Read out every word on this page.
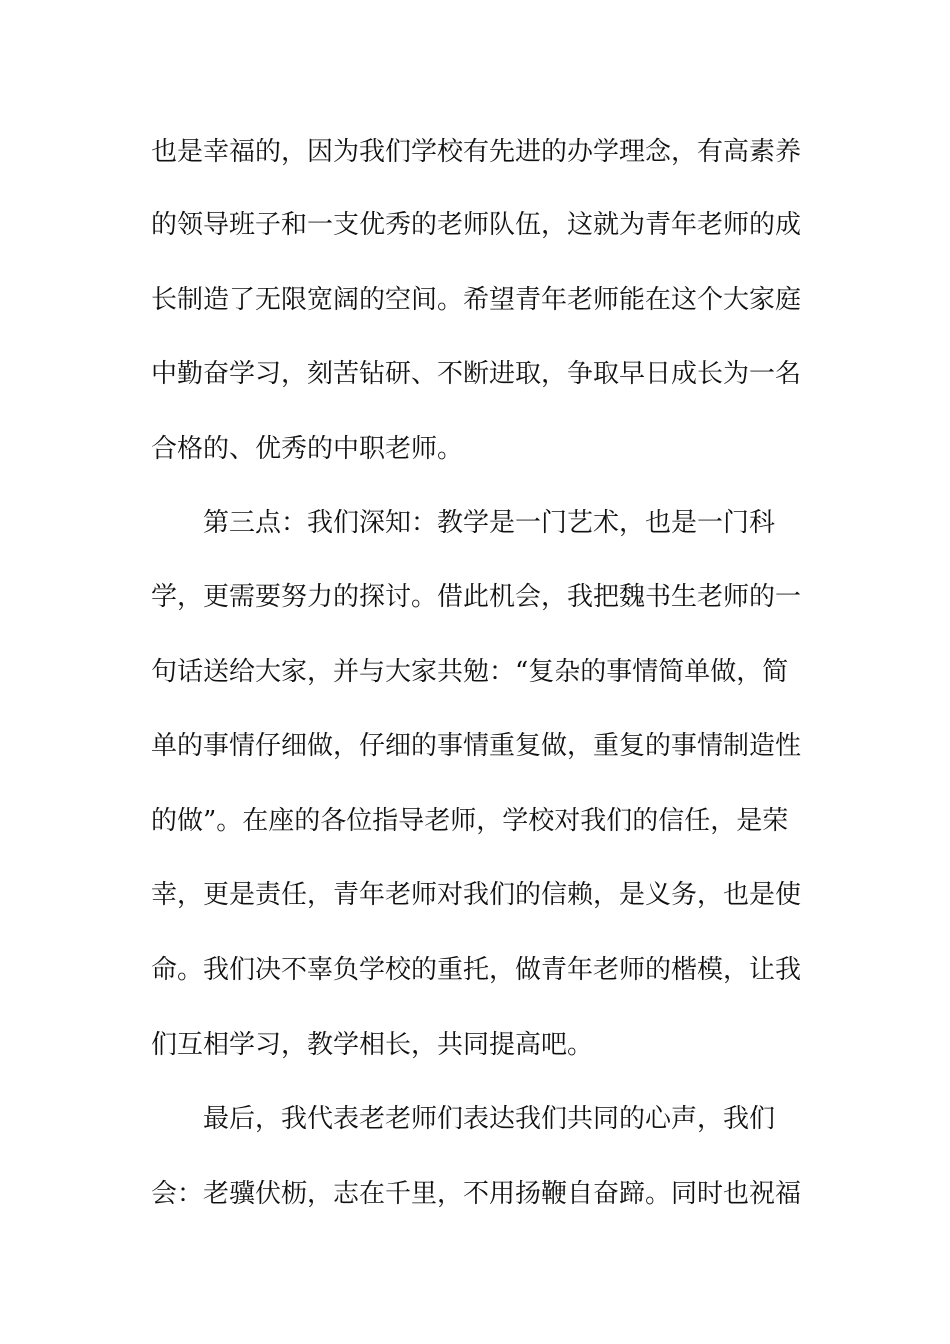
也是幸福的，因为我们学校有先进的办学理念，有高素养
的领导班子和一支优秀的老师队伍，这就为青年老师的成
长制造了无限宽阔的空间。希望青年老师能在这个大家庭
中勤奋学习，刻苦钻研、不断进取，争取早日成长为一名
合格的、优秀的中职老师。
第三点：我们深知：教学是一门艺术，也是一门科
学，更需要努力的探讨。借此机会，我把魏书生老师的一
句话送给大家，并与大家共勉：“复杂的事情简单做，简
单的事情仔细做，仔细的事情重复做，重复的事情制造性
的做”。在座的各位指导老师，学校对我们的信任，是荣
幸，更是责任，青年老师对我们的信赖，是义务，也是使
命。我们决不辜负学校的重托，做青年老师的楷模，让我
们互相学习，教学相长，共同提高吧。
最后，我代表老老师们表达我们共同的心声，我们
会：老骥伏枥，志在千里，不用扬鞭自奋蹄。同时也祝福
